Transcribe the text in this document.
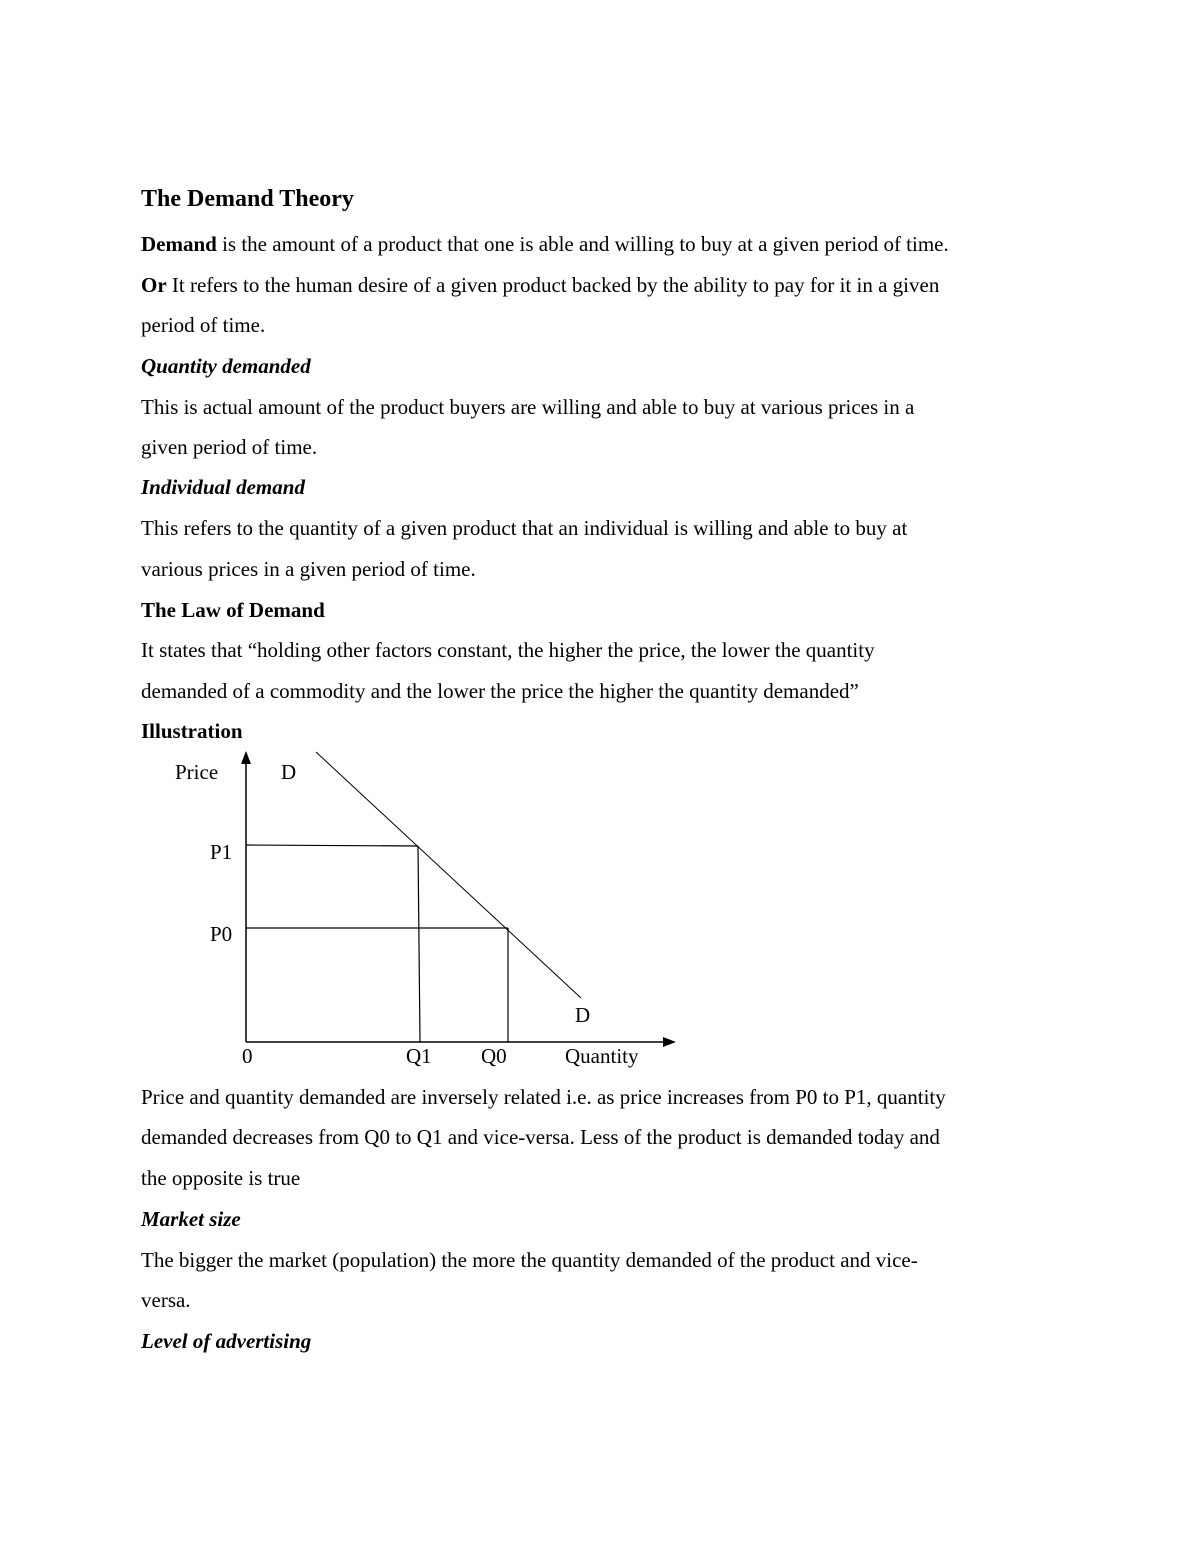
The Demand Theory
Demand is the amount of a product that one is able and willing to buy at a given period of time.
Or It refers to the human desire of a given product backed by the ability to pay for it in a given
period of time.
Quantity demanded
This is actual amount of the product buyers are willing and able to buy at various prices in a
given period of time.
Individual demand
This refers to the quantity of a given product that an individual is willing and able to buy at
various prices in a given period of time.
The Law of Demand
It states that “holding other factors constant, the higher the price, the lower the quantity
demanded of a commodity and the lower the price the higher the quantity demanded”
Illustration
Price	D
P1
P0
D
0	Q1 Q0	Quantity
Price and quantity demanded are inversely related i.e. as price increases from P0 to P1, quantity
demanded decreases from Q0 to Q1 and vice-versa. Less of the product is demanded today and
the opposite is true
Market size
The bigger the market (population) the more the quantity demanded of the product and vice-
versa.
Level of advertising
